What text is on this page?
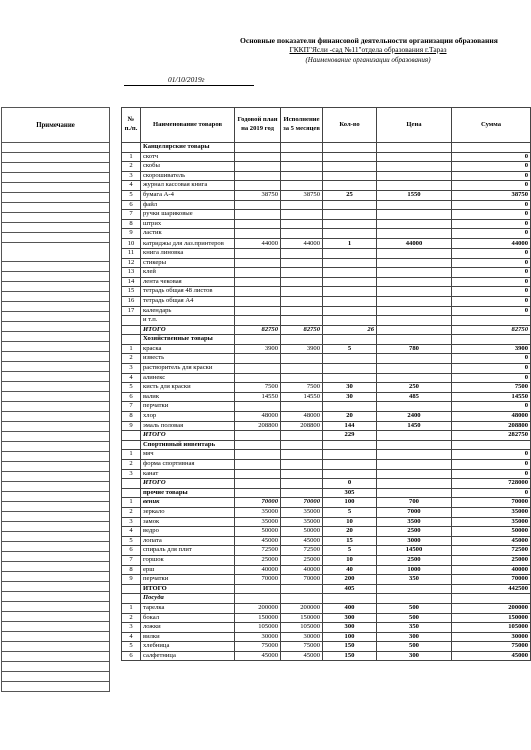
Основные показатели финансовой деятельности организации образования
ГККП"Ясли -сад №11"отдела образования г.Тараз
(Наименование организации образования)
01/10/2019г
Примечание

№ п./п.	Наименование товаров	Годовой план на 2019 год	Исполнение за 5 месяцев	Кол-во	Цена	Сумма
	Канцелярские товары					
1	скотч					0
2	скобы					0
3	скорошиватель					0
4	журнал кассовая книга					0
5	бумага А-4	38750	38750	25	1550	38750
6	файл					0
7	ручки шариковые					0
8	штрих					0
9	ластик					0
10	катриджы для лаз.принтеров	44000	44000	1	44000	44000
11	книга линовка					0
12	стикеры					0
13	клей					0
14	лента чековая					0
15	тетрадь общая 48 листов					0
16	тетрадь общая А4					0
17	календарь					0
	и т.п.					
	ИТОГО	82750	82750	26		82750
	Хозяйственные товары					
1	краска	3900	3900	5	780	3900
2	известь					0
3	растворитель для краски					0
4	алинекс					0
5	кисть для краски	7500	7500	30	250	7500
6	валик	14550	14550	30	485	14550
7	перчатки					0
8	хлор	48000	48000	20	2400	48000
9	эмаль половая	208800	208800	144	1450	208800
	ИТОГО			229		282750
	Спортивный инвентарь					
1	мяч					0
2	форма спортивная					0
3	канат					0
	ИТОГО			0		728000
	прочие товары			305		0
1	веник	70000	70000	100	700	70000
2	зеркало	35000	35000	5	7000	35000
3	замок	35000	35000	10	3500	35000
4	ведро	50000	50000	20	2500	50000
5	лопата	45000	45000	15	3000	45000
6	спираль для плит	72500	72500	5	14500	72500
7	горшок	25000	25000	10	2500	25000
8	ерш	40000	40000	40	1000	40000
9	перчатки	70000	70000	200	350	70000
	ИТОГО			405		442500
	Посуда					
1	тарелка	200000	200000	400	500	200000
2	бокал	150000	150000	300	500	150000
3	ложки	105000	105000	300	350	105000
4	вилки	30000	30000	100	300	30000
5	хлебница	75000	75000	150	500	75000
6	салфетница	45000	45000	150	300	45000
